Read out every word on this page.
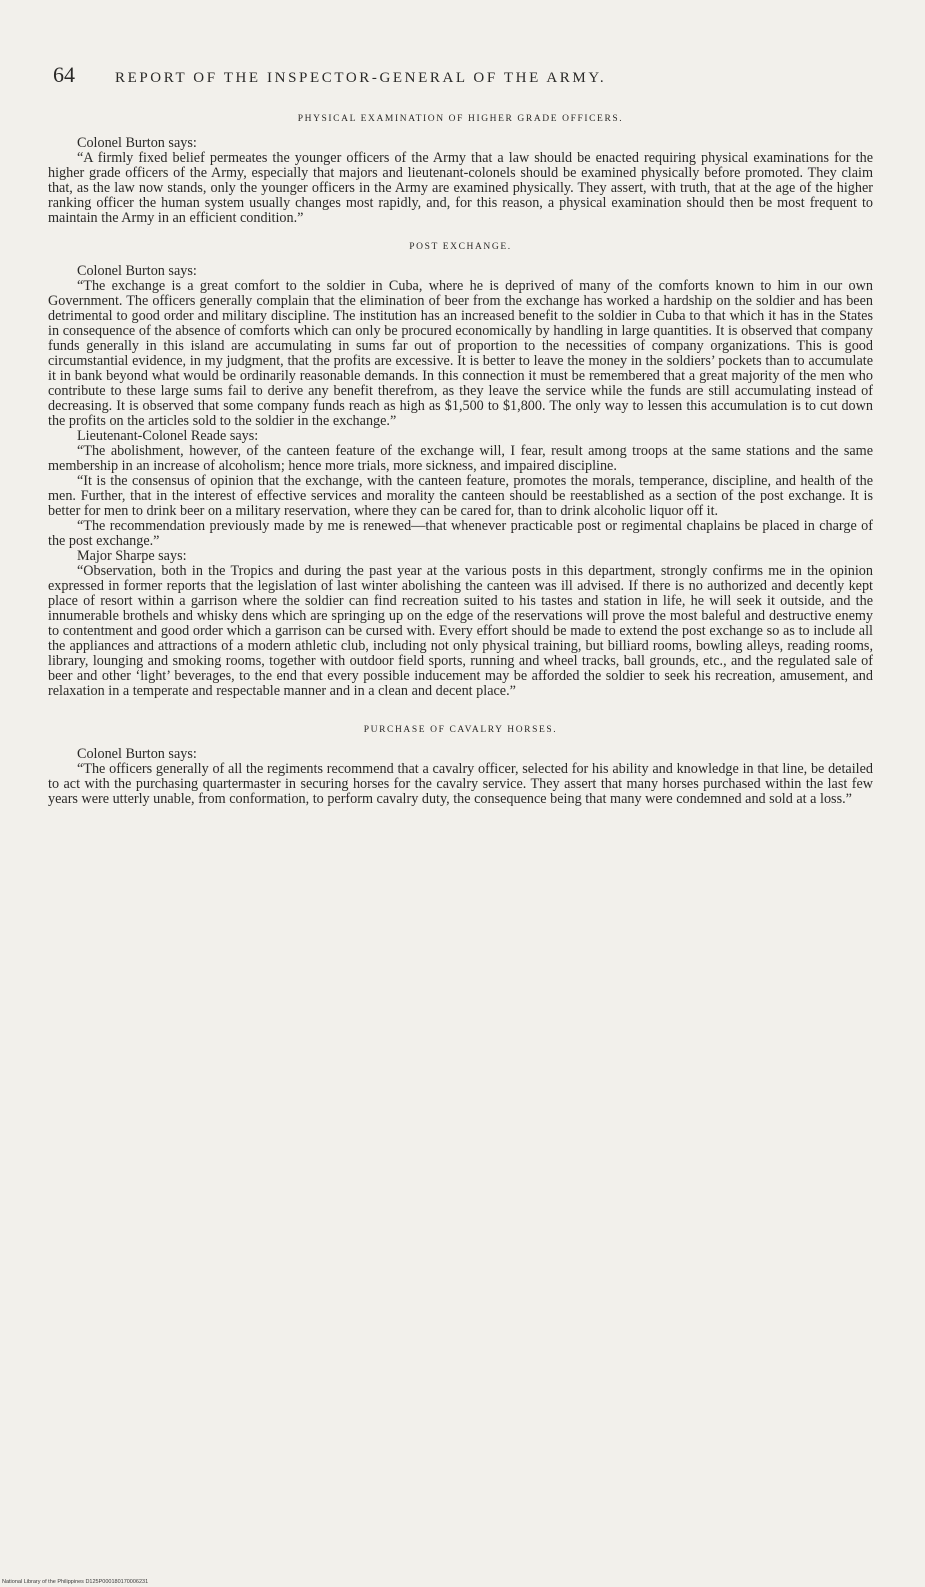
64	REPORT OF THE INSPECTOR-GENERAL OF THE ARMY.
PHYSICAL EXAMINATION OF HIGHER GRADE OFFICERS.

Colonel Burton says:

“A firmly fixed belief permeates the younger officers of the Army that a law should be enacted requiring physical examinations for the higher grade officers of the Army, especially that majors and lieutenant-colonels should be examined physically before promoted. They claim that, as the law now stands, only the younger officers in the Army are examined physically. They assert, with truth, that at the age of the higher ranking officer the human system usually changes most rapidly, and, for this reason, a physical examination should then be most frequent to maintain the Army in an efficient condition.”

POST EXCHANGE.

Colonel Burton says:

“The exchange is a great comfort to the soldier in Cuba, where he is deprived of many of the comforts known to him in our own Government. The officers generally complain that the elimination of beer from the exchange has worked a hardship on the soldier and has been detrimental to good order and military discipline. The institution has an increased benefit to the soldier in Cuba to that which it has in the States in consequence of the absence of comforts which can only be procured economically by handling in large quantities. It is observed that company funds generally in this island are accumulating in sums far out of proportion to the necessities of company organizations. This is good circumstantial evidence, in my judgment, that the profits are excessive. It is better to leave the money in the soldiers’ pockets than to accumulate it in bank beyond what would be ordinarily reasonable demands. In this connection it must be remembered that a great majority of the men who contribute to these large sums fail to derive any benefit therefrom, as they leave the service while the funds are still accumulating instead of decreasing. It is observed that some company funds reach as high as $1,500 to $1,800. The only way to lessen this accumulation is to cut down the profits on the articles sold to the soldier in the exchange.”

Lieutenant-Colonel Reade says:

“The abolishment, however, of the canteen feature of the exchange will, I fear, result among troops at the same stations and the same membership in an increase of alcoholism; hence more trials, more sickness, and impaired discipline.

“It is the consensus of opinion that the exchange, with the canteen feature, promotes the morals, temperance, discipline, and health of the men. Further, that in the interest of effective services and morality the canteen should be reestablished as a section of the post exchange. It is better for men to drink beer on a military reservation, where they can be cared for, than to drink alcoholic liquor off it.

“The recommendation previously made by me is renewed—that whenever practicable post or regimental chaplains be placed in charge of the post exchange.”

Major Sharpe says:

“Observation, both in the Tropics and during the past year at the various posts in this department, strongly confirms me in the opinion expressed in former reports that the legislation of last winter abolishing the canteen was ill advised. If there is no authorized and decently kept place of resort within a garrison where the soldier can find recreation suited to his tastes and station in life, he will seek it outside, and the innumerable brothels and whisky dens which are springing up on the edge of the reservations will prove the most baleful and destructive enemy to contentment and good order which a garrison can be cursed with. Every effort should be made to extend the post exchange so as to include all the appliances and attractions of a modern athletic club, including not only physical training, but billiard rooms, bowling alleys, reading rooms, library, lounging and smoking rooms, together with outdoor field sports, running and wheel tracks, ball grounds, etc., and the regulated sale of beer and other ‘light’ beverages, to the end that every possible inducement may be afforded the soldier to seek his recreation, amusement, and relaxation in a temperate and respectable manner and in a clean and decent place.”

PURCHASE OF CAVALRY HORSES.

Colonel Burton says:

“The officers generally of all the regiments recommend that a cavalry officer, selected for his ability and knowledge in that line, be detailed to act with the purchasing quartermaster in securing horses for the cavalry service. They assert that many horses purchased within the last few years were utterly unable, from conformation, to perform cavalry duty, the consequence being that many were condemned and sold at a loss.”

National Library of the Philippines D125P000180170006231
